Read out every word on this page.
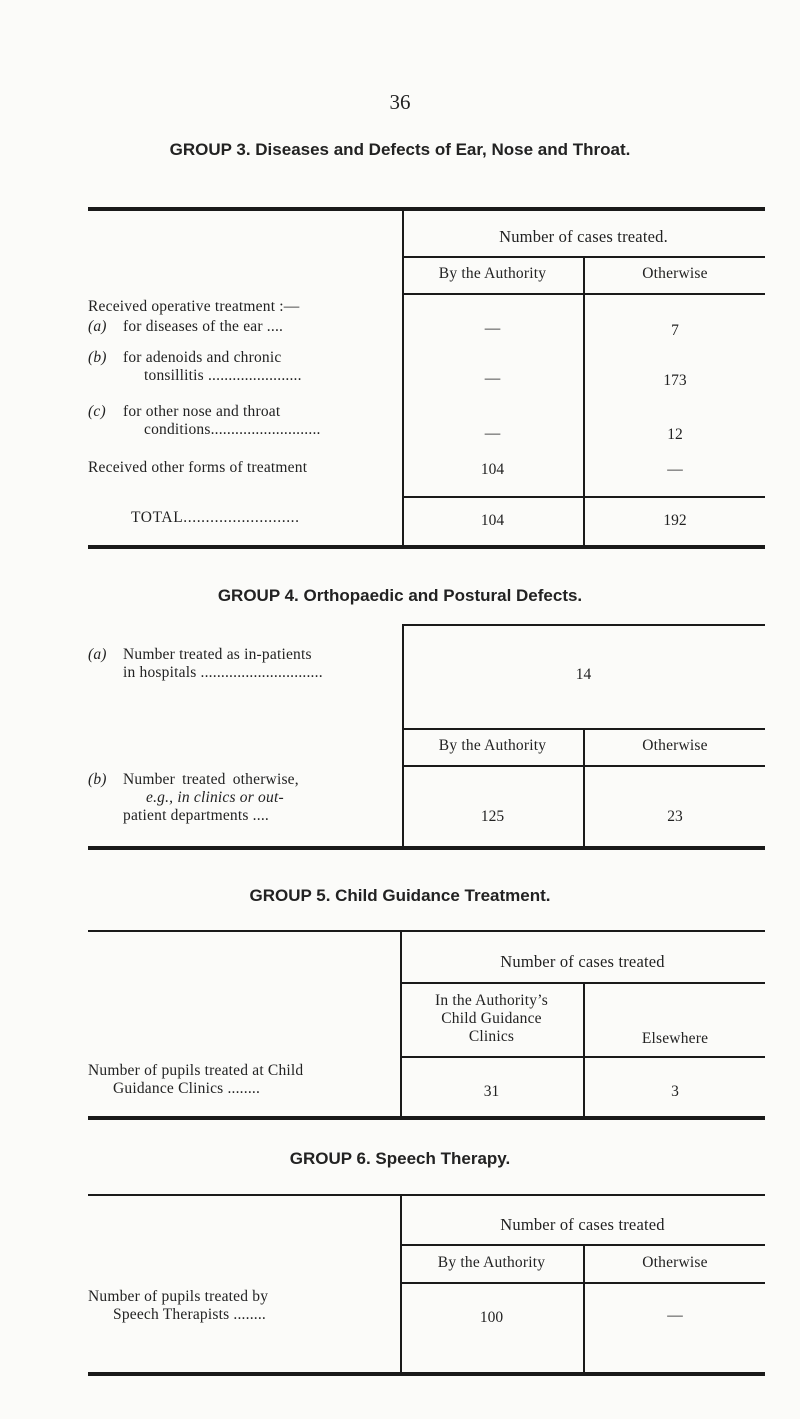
36
GROUP 3. Diseases and Defects of Ear, Nose and Throat.
Number of cases treated.
By the Authority	Otherwise
Received operative treatment :—
(a) for diseases of the ear ....	—	7
(b) for adenoids and chronic
tonsillitis .......................	—	173
(c) for other nose and throat
conditions...........................	—	12
Received other forms of treatment	104	—
TOTAL..........................	104	192
GROUP 4. Orthopaedic and Postural Defects.
(a) Number treated as in-patients
in hospitals ..............................	14
By the Authority	Otherwise
(b) Number treated otherwise,
e.g., in clinics or out-
patient departments ....	125	23
GROUP 5. Child Guidance Treatment.
Number of cases treated
In the Authority’s
Child Guidance
Clinics	Elsewhere
Number of pupils treated at Child
Guidance Clinics ........	31	3
GROUP 6. Speech Therapy.
Number of cases treated
By the Authority	Otherwise
Number of pupils treated by
Speech Therapists ........	100	—
